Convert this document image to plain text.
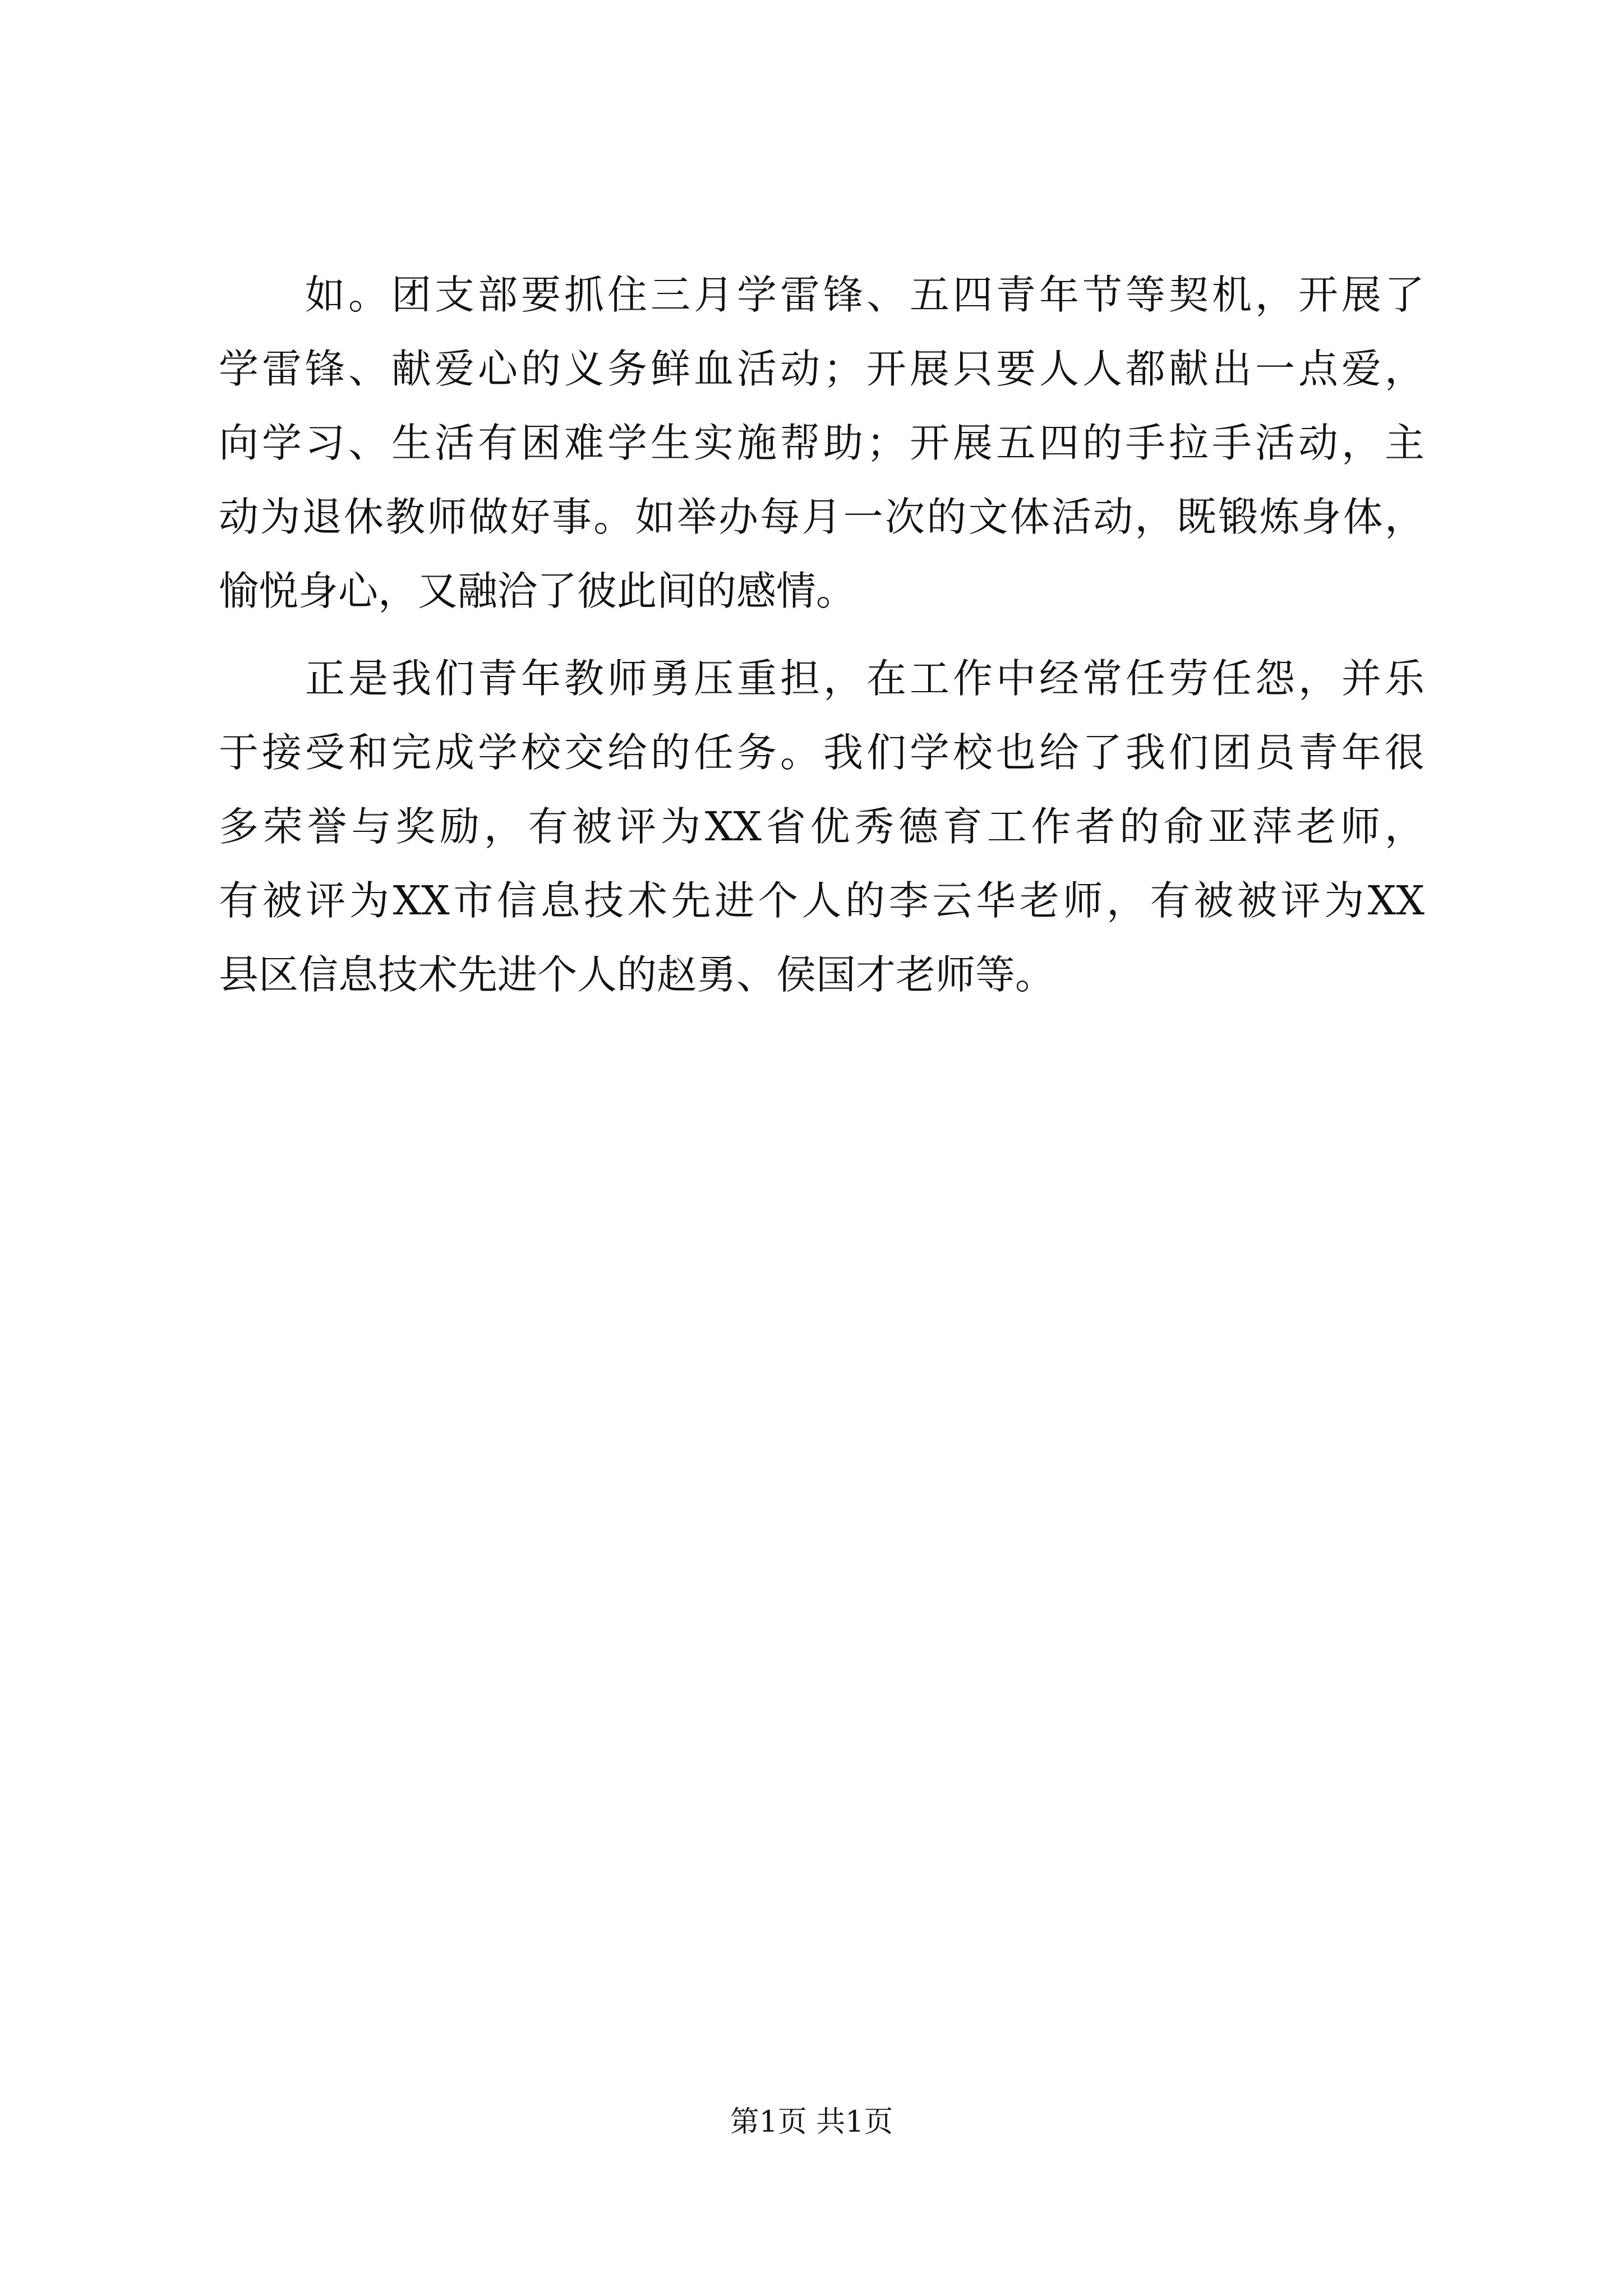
如。团支部要抓住三月学雷锋、五四青年节等契机，开展了
学雷锋、献爱心的义务鲜血活动；开展只要人人都献出一点爱，
向学习、生活有困难学生实施帮助；开展五四的手拉手活动，主
动为退休教师做好事。如举办每月一次的文体活动，既锻炼身体，
愉悦身心，又融洽了彼此间的感情。
正是我们青年教师勇压重担，在工作中经常任劳任怨，并乐
于接受和完成学校交给的任务。我们学校也给了我们团员青年很
多荣誉与奖励，有被评为XX省优秀德育工作者的俞亚萍老师，
有被评为XX市信息技术先进个人的李云华老师，有被被评为XX
县区信息技术先进个人的赵勇、侯国才老师等。
第1页 共1页
